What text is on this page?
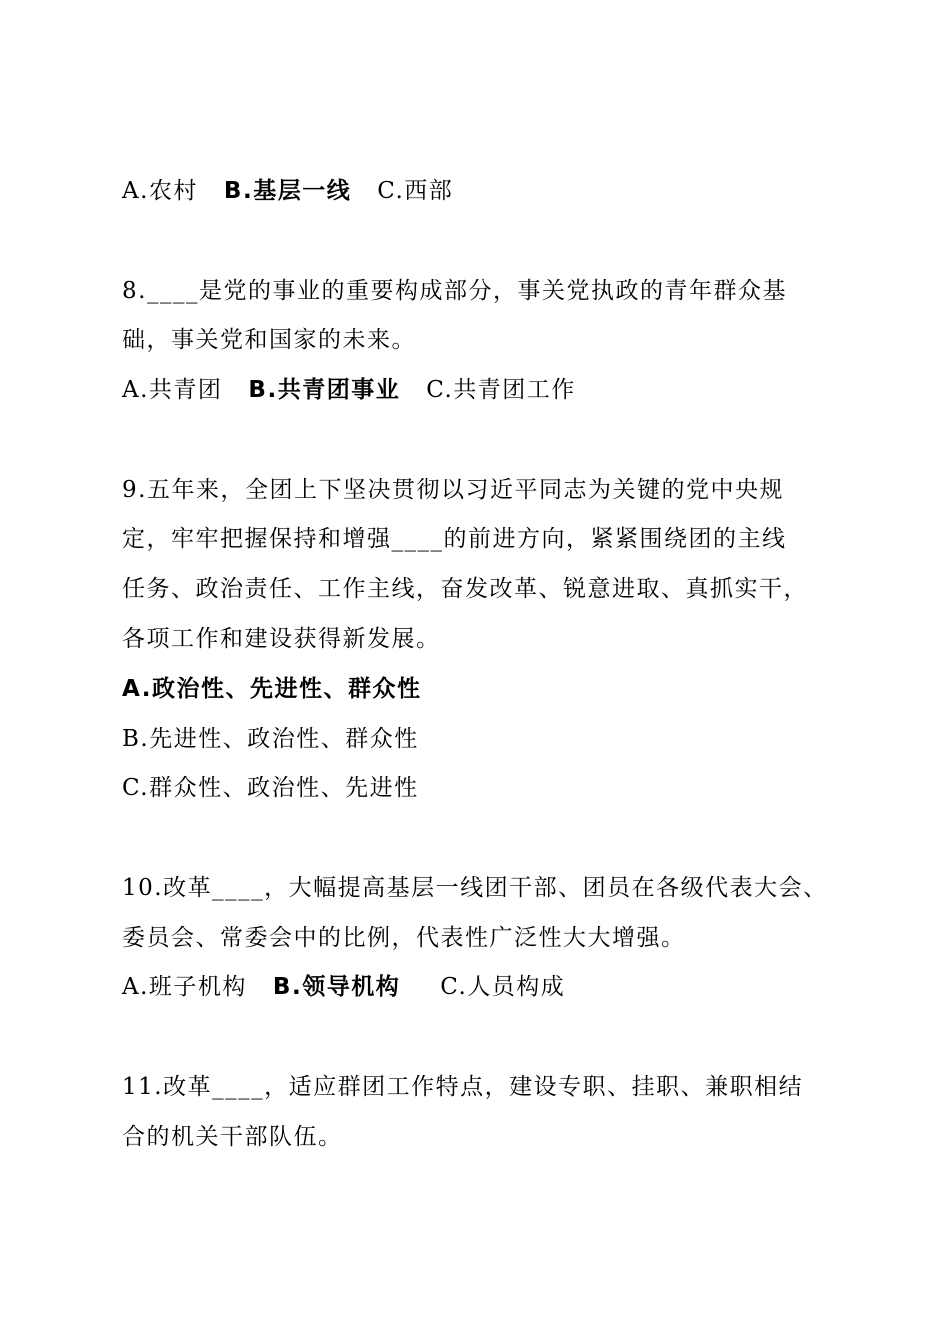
A.农村 B.基层一线 C.西部
8.____是党的事业的重要构成部分，事关党执政的青年群众基
础，事关党和国家的未来。
A.共青团 B.共青团事业 C.共青团工作
9.五年来，全团上下坚决贯彻以习近平同志为关键的党中央规
定，牢牢把握保持和增强____的前进方向，紧紧围绕团的主线
任务、政治责任、工作主线，奋发改革、锐意进取、真抓实干，
各项工作和建设获得新发展。
A.政治性、先进性、群众性
B.先进性、政治性、群众性
C.群众性、政治性、先进性
10.改革____，大幅提高基层一线团干部、团员在各级代表大会、
委员会、常委会中的比例，代表性广泛性大大增强。
A.班子机构 B.领导机构 C.人员构成
11.改革____，适应群团工作特点，建设专职、挂职、兼职相结
合的机关干部队伍。
